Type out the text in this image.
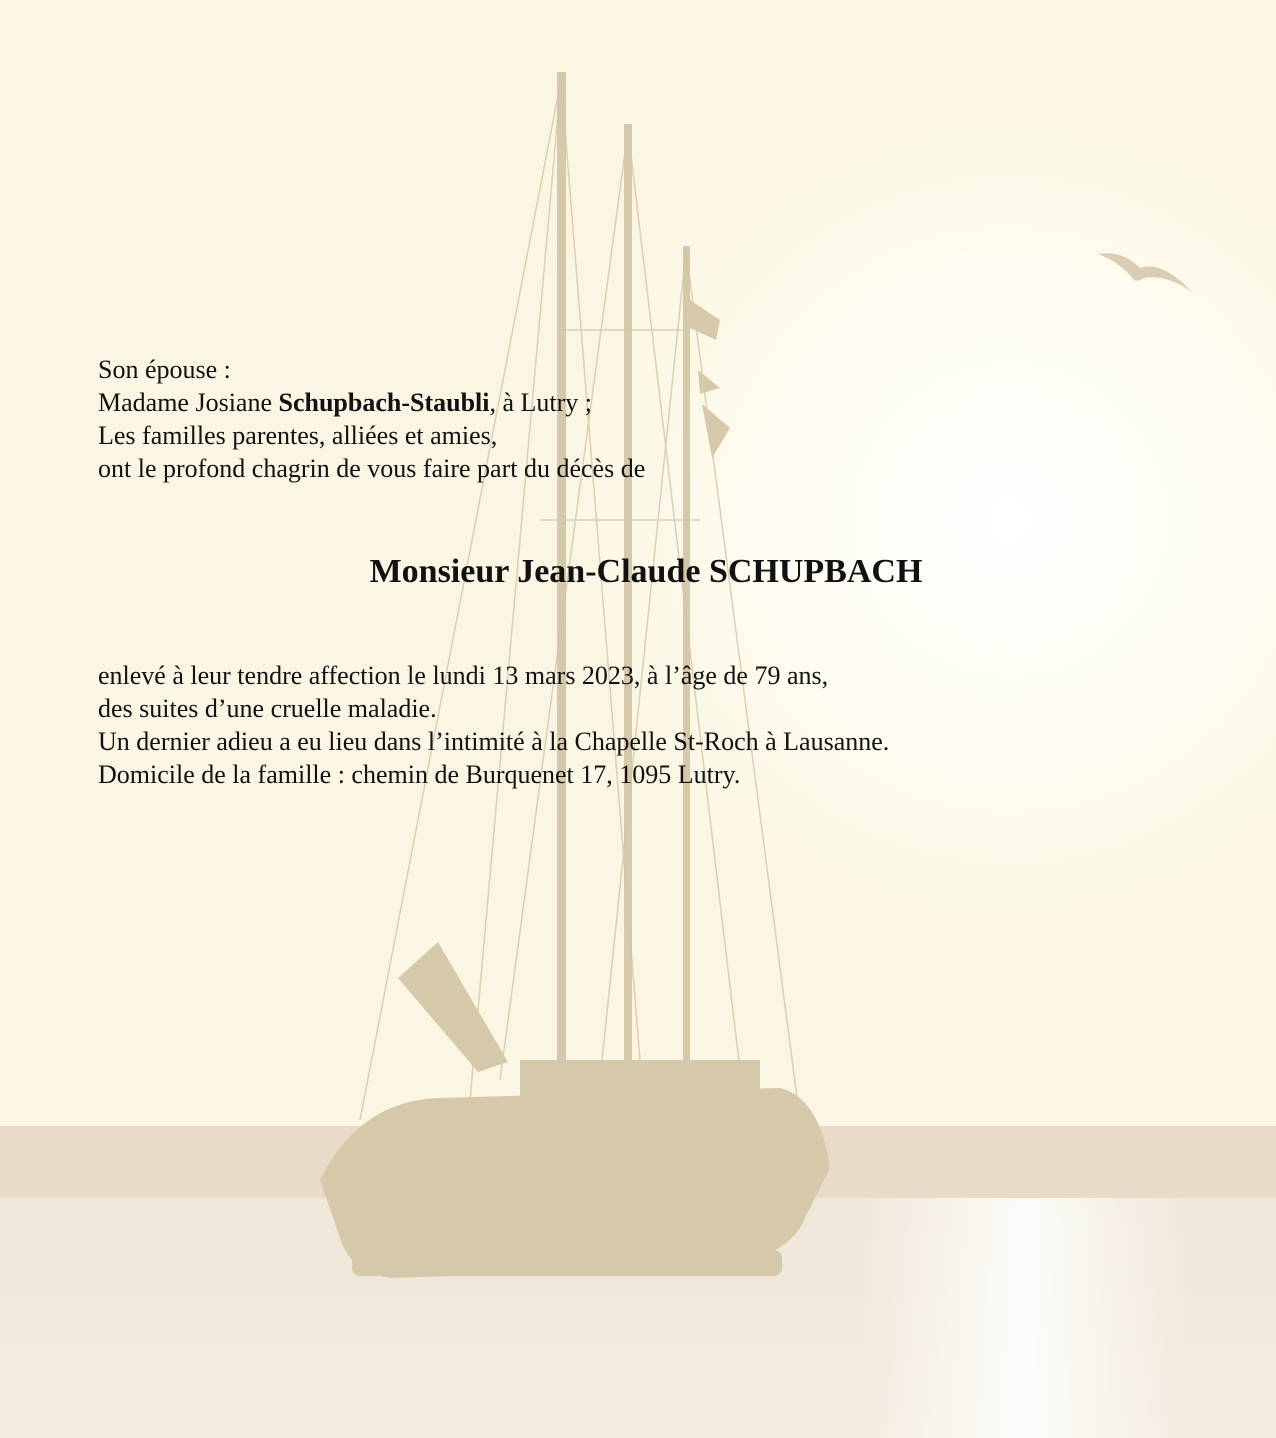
Son épouse :
Madame Josiane Schupbach-Staubli, à Lutry ;
Les familles parentes, alliées et amies,
ont le profond chagrin de vous faire part du décès de
Monsieur Jean-Claude SCHUPBACH
enlevé à leur tendre affection le lundi 13 mars 2023, à l’âge de 79 ans,
des suites d’une cruelle maladie.
Un dernier adieu a eu lieu dans l’intimité à la Chapelle St-Roch à Lausanne.
Domicile de la famille : chemin de Burquenet 17, 1095 Lutry.
